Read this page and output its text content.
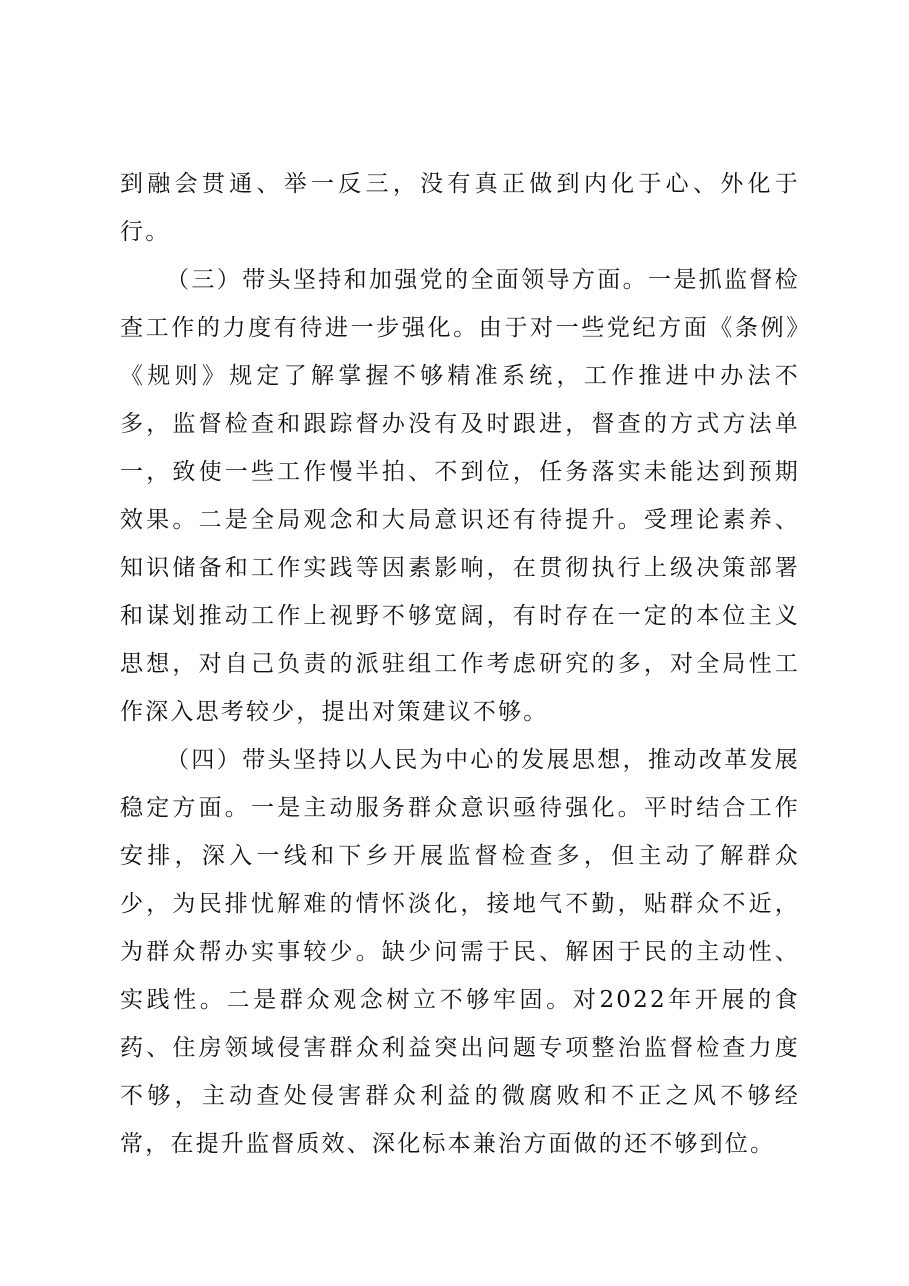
到融会贯通、举一反三，没有真正做到内化于心、外化于行。

（三）带头坚持和加强党的全面领导方面。一是抓监督检查工作的力度有待进一步强化。由于对一些党纪方面《条例》《规则》规定了解掌握不够精准系统，工作推进中办法不多，监督检查和跟踪督办没有及时跟进，督查的方式方法单一，致使一些工作慢半拍、不到位，任务落实未能达到预期效果。二是全局观念和大局意识还有待提升。受理论素养、知识储备和工作实践等因素影响，在贯彻执行上级决策部署和谋划推动工作上视野不够宽阔，有时存在一定的本位主义思想，对自己负责的派驻组工作考虑研究的多，对全局性工作深入思考较少，提出对策建议不够。

（四）带头坚持以人民为中心的发展思想，推动改革发展稳定方面。一是主动服务群众意识亟待强化。平时结合工作安排，深入一线和下乡开展监督检查多，但主动了解群众少，为民排忧解难的情怀淡化，接地气不勤，贴群众不近，为群众帮办实事较少。缺少问需于民、解困于民的主动性、实践性。二是群众观念树立不够牢固。对2022年开展的食药、住房领域侵害群众利益突出问题专项整治监督检查力度不够，主动查处侵害群众利益的微腐败和不正之风不够经常，在提升监督质效、深化标本兼治方面做的还不够到位。
